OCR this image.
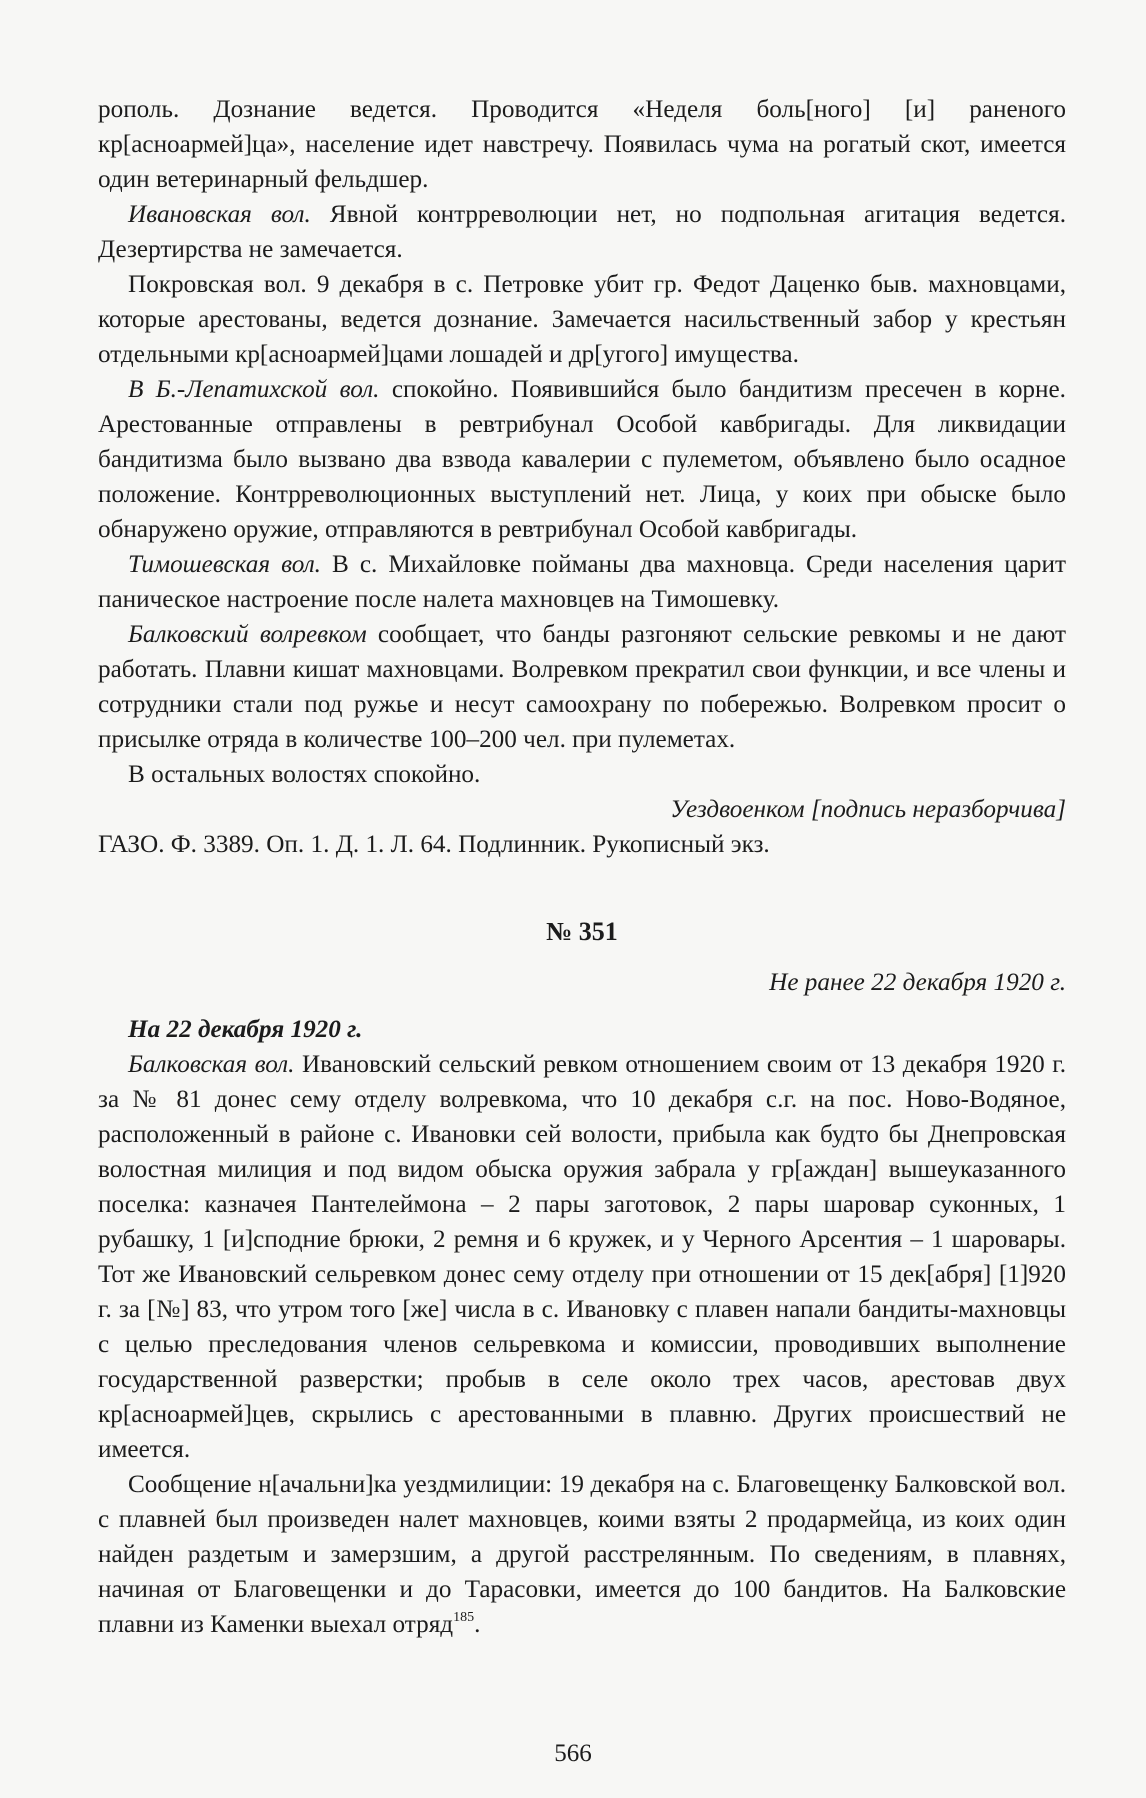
рополь. Дознание ведется. Проводится «Неделя боль[ного] [и] раненого кр[асноармей]ца», население идет навстречу. Появилась чума на рогатый скот, имеется один ветеринарный фельдшер.

Ивановская вол. Явной контрреволюции нет, но подпольная агитация ведется. Дезертирства не замечается.

Покровская вол. 9 декабря в с. Петровке убит гр. Федот Даценко быв. махновцами, которые арестованы, ведется дознание. Замечается насильственный забор у крестьян отдельными кр[асноармей]цами лошадей и др[угого] имущества.

В Б.-Лепатихской вол. спокойно. Появившийся было бандитизм пресечен в корне. Арестованные отправлены в ревтрибунал Особой кавбригады. Для ликвидации бандитизма было вызвано два взвода кавалерии с пулеметом, объявлено было осадное положение. Контрреволюционных выступлений нет. Лица, у коих при обыске было обнаружено оружие, отправляются в ревтрибунал Особой кавбригады.

Тимошевская вол. В с. Михайловке пойманы два махновца. Среди населения царит паническое настроение после налета махновцев на Тимошевку.

Балковский волревком сообщает, что банды разгоняют сельские ревкомы и не дают работать. Плавни кишат махновцами. Волревком прекратил свои функции, и все члены и сотрудники стали под ружье и несут самоохрану по побережью. Волревком просит о присылке отряда в количестве 100–200 чел. при пулеметах.

В остальных волостях спокойно.

Уездвоенком [подпись неразборчива]

ГАЗО. Ф. 3389. Оп. 1. Д. 1. Л. 64. Подлинник. Рукописный экз.

№ 351

Не ранее 22 декабря 1920 г.

На 22 декабря 1920 г.

Балковская вол. Ивановский сельский ревком отношением своим от 13 декабря 1920 г. за № 81 донес сему отделу волревкома, что 10 декабря с.г. на пос. Ново-Водяное, расположенный в районе с. Ивановки сей волости, прибыла как будто бы Днепровская волостная милиция и под видом обыска оружия забрала у гр[аждан] вышеуказанного поселка: казначея Пантелеймона – 2 пары заготовок, 2 пары шаровар суконных, 1 рубашку, 1 [и]сподние брюки, 2 ремня и 6 кружек, и у Черного Арсентия – 1 шаровары. Тот же Ивановский сельревком донес сему отделу при отношении от 15 дек[абря] [1]920 г. за [№] 83, что утром того [же] числа в с. Ивановку с плавен напали бандиты-махновцы с целью преследования членов сельревкома и комиссии, проводивших выполнение государственной разверстки; пробыв в селе около трех часов, арестовав двух кр[асноармей]цев, скрылись с арестованными в плавню. Других происшествий не имеется.

Сообщение н[ачальни]ка уездмилиции: 19 декабря на с. Благовещенку Балковской вол. с плавней был произведен налет махновцев, коими взяты 2 продармейца, из коих один найден раздетым и замерзшим, а другой расстрелянным. По сведениям, в плавнях, начиная от Благовещенки и до Тарасовки, имеется до 100 бандитов. На Балковские плавни из Каменки выехал отряд$^{185}$.

566
